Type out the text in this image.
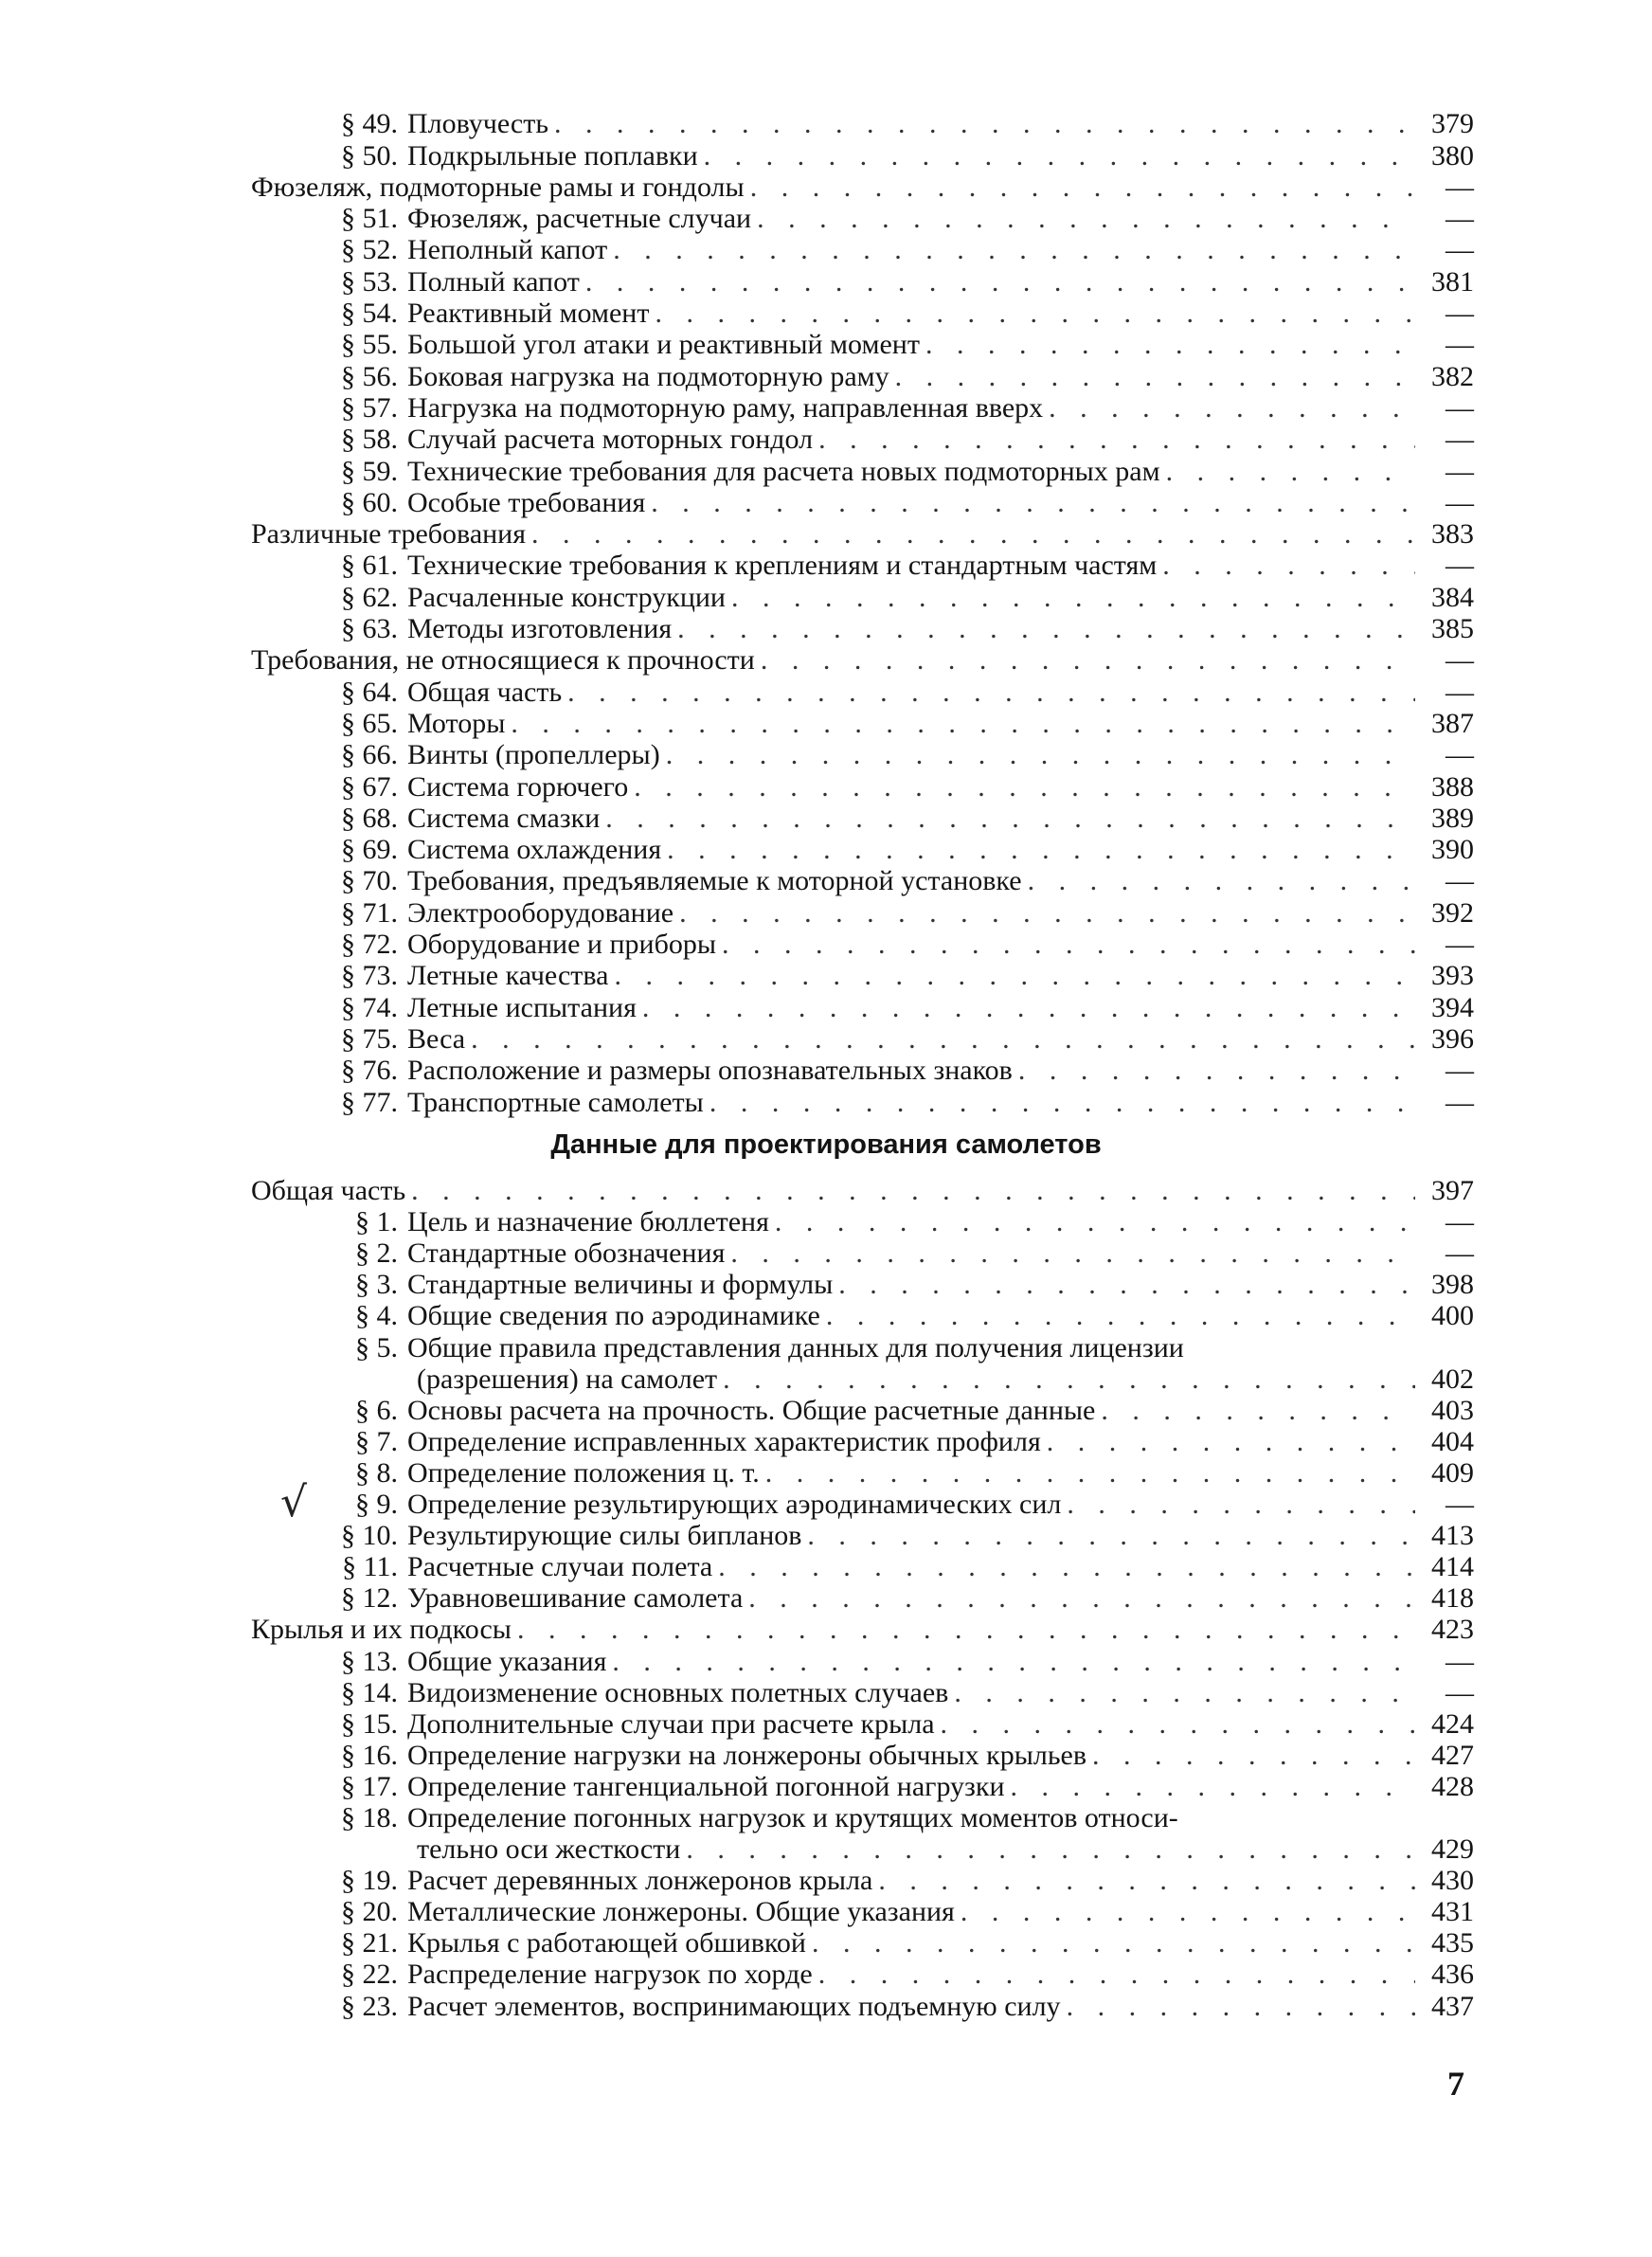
§ 49. Пловучесть . . .	379
§ 50. Подкрыльные поплавки . . .	380
Фюзеляж, подмоторные рамы и гондолы . . .	—
§ 51. Фюзеляж, расчетные случаи . . .	—
§ 52. Неполный капот . . .	—
§ 53. Полный капот . . .	381
§ 54. Реактивный момент . . .	—
§ 55. Большой угол атаки и реактивный момент . . .	—
§ 56. Боковая нагрузка на подмоторную раму . . .	382
§ 57. Нагрузка на подмоторную раму, направленная вверх . . .	—
§ 58. Случай расчета моторных гондол . . .	—
§ 59. Технические требования для расчета новых подмоторных рам . . .	—
§ 60. Особые требования . . .	—
Различные требования . . .	383
§ 61. Технические требования к креплениям и стандартным частям . . .	—
§ 62. Расчаленные конструкции . . .	384
§ 63. Методы изготовления . . .	385
Требования, не относящиеся к прочности . . .	—
§ 64. Общая часть . . .	—
§ 65. Моторы . . .	387
§ 66. Винты (пропеллеры) . . .	—
§ 67. Система горючего . . .	388
§ 68. Система смазки . . .	389
§ 69. Система охлаждения . . .	390
§ 70. Требования, предъявляемые к моторной установке . . .	—
§ 71. Электрооборудование . . .	392
§ 72. Оборудование и приборы . . .	—
§ 73. Летные качества . . .	393
§ 74. Летные испытания . . .	394
§ 75. Веса . . .	396
§ 76. Расположение и размеры опознавательных знаков . . .	—
§ 77. Транспортные самолеты . . .	—
Данные для проектирования самолетов
Общая часть . . .	397
§ 1. Цель и назначение бюллетеня . . .	—
§ 2. Стандартные обозначения . . .	—
§ 3. Стандартные величины и формулы . . .	398
§ 4. Общие сведения по аэродинамике . . .	400
§ 5. Общие правила представления данных для получения лицензии
(разрешения) на самолет . . .	402
§ 6. Основы расчета на прочность. Общие расчетные данные . . .	403
§ 7. Определение исправленных характеристик профиля . . .	404
§ 8. Определение положения ц. т. . . .	409
§ 9. Определение результирующих аэродинамических сил . . .	—
§ 10. Результирующие силы бипланов . . .	413
§ 11. Расчетные случаи полета . . .	414
§ 12. Уравновешивание самолета . . .	418
Крылья и их подкосы . . .	423
§ 13. Общие указания . . .	—
§ 14. Видоизменение основных полетных случаев . . .	—
§ 15. Дополнительные случаи при расчете крыла . . .	424
§ 16. Определение нагрузки на лонжероны обычных крыльев . . .	427
§ 17. Определение тангенциальной погонной нагрузки . . .	428
§ 18. Определение погонных нагрузок и крутящих моментов относи-
тельно оси жесткости . . .	429
§ 19. Расчет деревянных лонжеронов крыла . . .	430
§ 20. Металлические лонжероны. Общие указания . . .	431
§ 21. Крылья с работающей обшивкой . . .	435
§ 22. Распределение нагрузок по хорде . . .	436
§ 23. Расчет элементов, воспринимающих подъемную силу . . .	437
√
7
